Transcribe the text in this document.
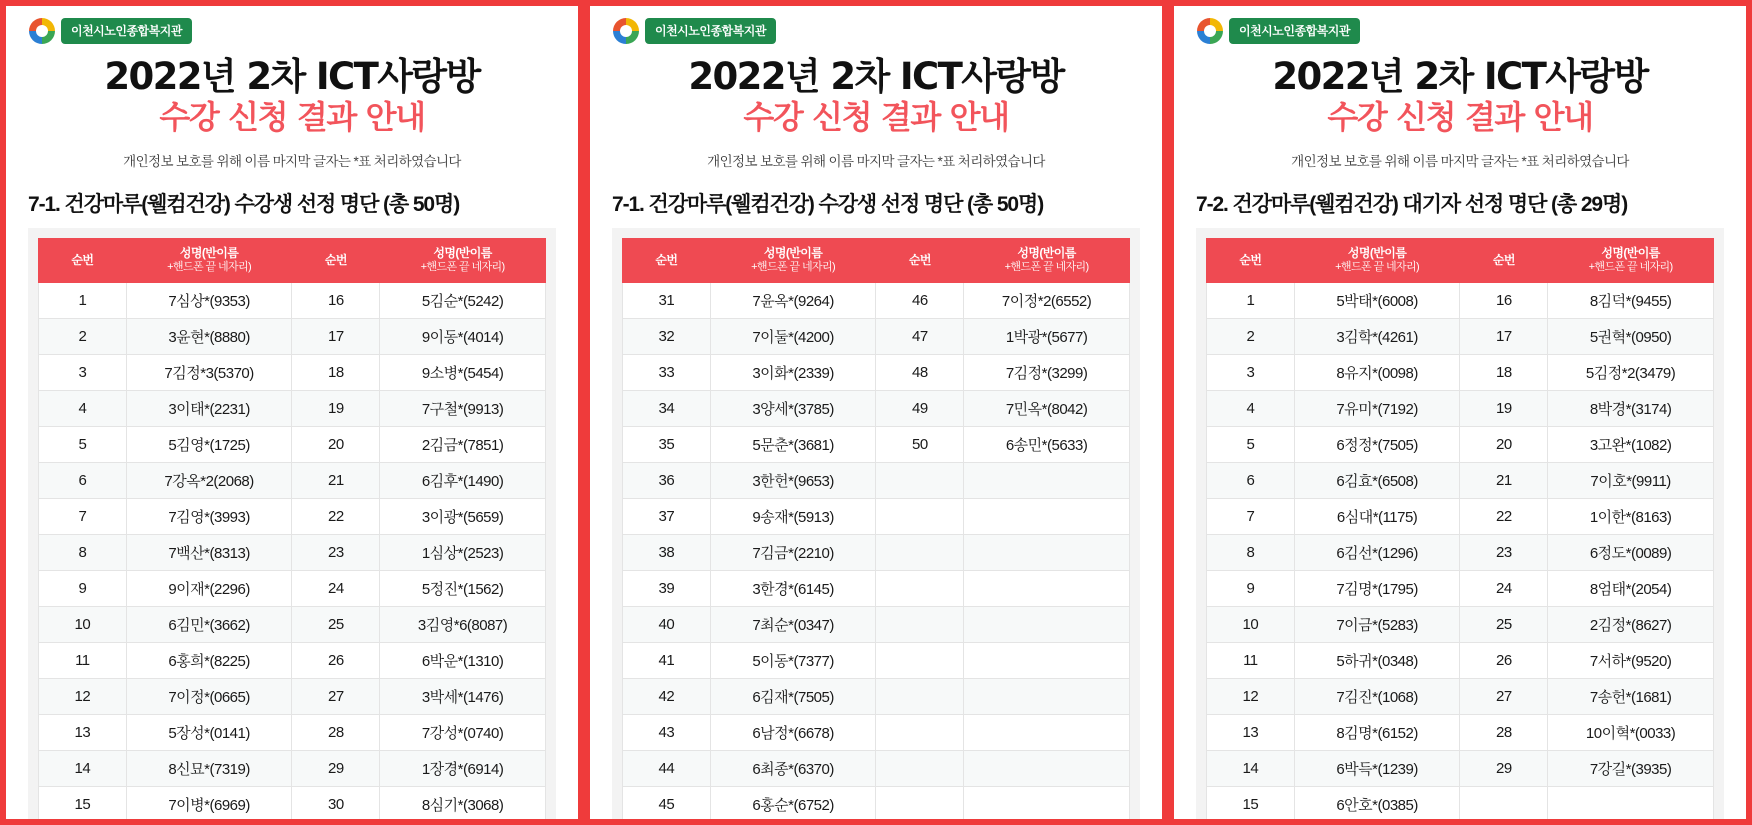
이천시노인종합복지관
2022년 2차 ICT사랑방
수강 신청 결과 안내
개인정보 보호를 위해 이름 마지막 글자는 *표 처리하였습니다
7-1. 건강마루(웰컴건강) 수강생 선정 명단 (총 50명)
순번	성명(반이름
+핸드폰 끝 네자리)	순번	성명(반이름
+핸드폰 끝 네자리)

1	7심상*(9353)	16	5김순*(5242)
2	3윤현*(8880)	17	9이동*(4014)
3	7김정*3(5370)	18	9소병*(5454)
4	3이태*(2231)	19	7구철*(9913)
5	5김영*(1725)	20	2김금*(7851)
6	7강옥*2(2068)	21	6김후*(1490)
7	7김영*(3993)	22	3이광*(5659)
8	7백산*(8313)	23	1심상*(2523)
9	9이재*(2296)	24	5정진*(1562)
10	6김민*(3662)	25	3김영*6(8087)
11	6홍희*(8225)	26	6박운*(1310)
12	7이정*(0665)	27	3박세*(1476)
13	5장성*(0141)	28	7강성*(0740)
14	8신묘*(7319)	29	1장경*(6914)
15	7이병*(6969)	30	8심기*(3068)
이천시노인종합복지관
2022년 2차 ICT사랑방
수강 신청 결과 안내
개인정보 보호를 위해 이름 마지막 글자는 *표 처리하였습니다
7-1. 건강마루(웰컴건강) 수강생 선정 명단 (총 50명)
순번	성명(반이름
+핸드폰 끝 네자리)	순번	성명(반이름
+핸드폰 끝 네자리)

31	7윤옥*(9264)	46	7이정*2(6552)
32	7이둘*(4200)	47	1박광*(5677)
33	3이화*(2339)	48	7김정*(3299)
34	3양세*(3785)	49	7민옥*(8042)
35	5문춘*(3681)	50	6송민*(5633)
36	3한헌*(9653)		
37	9송재*(5913)		
38	7김금*(2210)		
39	3한경*(6145)		
40	7최순*(0347)		
41	5이동*(7377)		
42	6김재*(7505)		
43	6남정*(6678)		
44	6최종*(6370)		
45	6홍순*(6752)		
이천시노인종합복지관
2022년 2차 ICT사랑방
수강 신청 결과 안내
개인정보 보호를 위해 이름 마지막 글자는 *표 처리하였습니다
7-2. 건강마루(웰컴건강) 대기자 선정 명단 (총 29명)
순번	성명(반이름
+핸드폰 끝 네자리)	순번	성명(반이름
+핸드폰 끝 네자리)

1	5박태*(6008)	16	8김덕*(9455)
2	3김학*(4261)	17	5권혁*(0950)
3	8유지*(0098)	18	5김정*2(3479)
4	7유미*(7192)	19	8박경*(3174)
5	6정정*(7505)	20	3고완*(1082)
6	6김효*(6508)	21	7이호*(9911)
7	6심대*(1175)	22	1이한*(8163)
8	6김선*(1296)	23	6정도*(0089)
9	7김명*(1795)	24	8엄태*(2054)
10	7이금*(5283)	25	2김정*(8627)
11	5하귀*(0348)	26	7서하*(9520)
12	7김진*(1068)	27	7송헌*(1681)
13	8김명*(6152)	28	10이혁*(0033)
14	6박득*(1239)	29	7강길*(3935)
15	6안호*(0385)		
